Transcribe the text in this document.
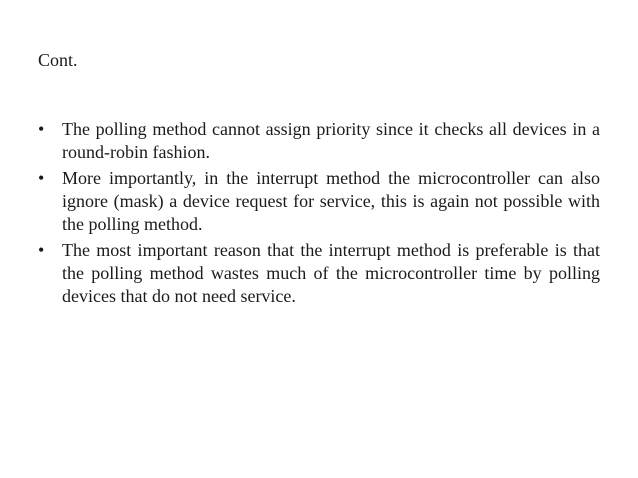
Cont.
• The polling method cannot assign priority since it checks all devices in a round-robin fashion.
• More importantly, in the interrupt method the microcontroller can also ignore (mask) a device request for service, this is again not possible with the polling method.
• The most important reason that the interrupt method is preferable is that the polling method wastes much of the microcontroller time by polling devices that do not need service.
